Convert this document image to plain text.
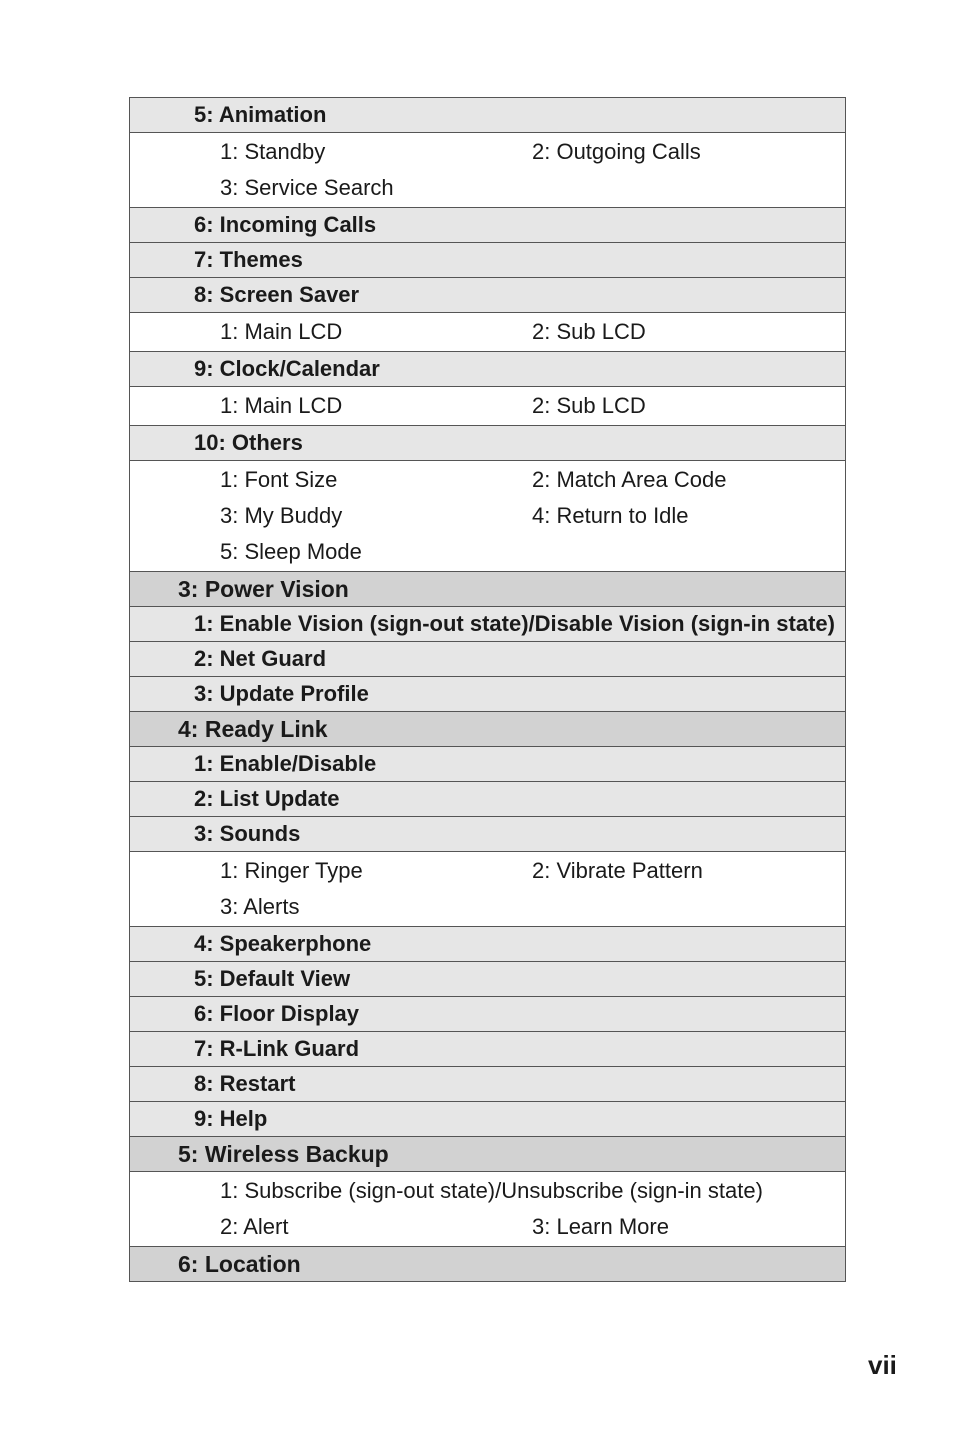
5: Animation
1: Standby	2: Outgoing Calls
3: Service Search
6: Incoming Calls
7: Themes
8: Screen Saver
1: Main LCD	2: Sub LCD
9: Clock/Calendar
1: Main LCD	2: Sub LCD
10: Others
1: Font Size	2: Match Area Code
3: My Buddy	4: Return to Idle
5: Sleep Mode
3: Power Vision
1: Enable Vision (sign-out state)/Disable Vision (sign-in state)
2: Net Guard
3: Update Profile
4: Ready Link
1: Enable/Disable
2: List Update
3: Sounds
1: Ringer Type	2: Vibrate Pattern
3: Alerts
4: Speakerphone
5: Default View
6: Floor Display
7: R-Link Guard
8: Restart
9: Help
5: Wireless Backup
1: Subscribe (sign-out state)/Unsubscribe (sign-in state)
2: Alert	3: Learn More
6: Location
vii
